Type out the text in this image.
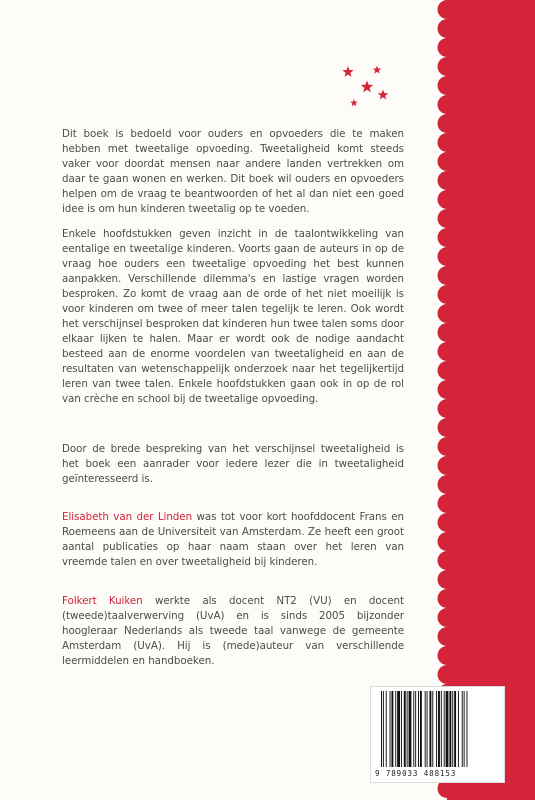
Dit boek is bedoeld voor ouders en opvoeders die te maken hebben met tweetalige opvoeding. Tweetaligheid komt steeds vaker voor doordat mensen naar andere landen vertrekken om daar te gaan wonen en werken. Dit boek wil ouders en opvoeders helpen om de vraag te beantwoorden of het al dan niet een goed idee is om hun kinderen tweetalig op te voeden.

Enkele hoofdstukken geven inzicht in de taalontwikkeling van eentalige en tweetalige kinderen. Voorts gaan de auteurs in op de vraag hoe ouders een tweetalige opvoeding het best kunnen aanpakken. Verschillende dilemma's en lastige vragen worden besproken. Zo komt de vraag aan de orde of het niet moeilijk is voor kinderen om twee of meer talen tegelijk te leren. Ook wordt het verschijnsel besproken dat kinderen hun twee talen soms door elkaar lijken te halen. Maar er wordt ook de nodige aandacht besteed aan de enorme voordelen van tweetaligheid en aan de resultaten van wetenschappelijk onderzoek naar het tegelijkertijd leren van twee talen. Enkele hoofdstukken gaan ook in op de rol van crèche en school bij de tweetalige opvoeding.

Door de brede bespreking van het verschijnsel tweetaligheid is het boek een aanrader voor iedere lezer die in tweetaligheid geïnteresseerd is.

Elisabeth van der Linden was tot voor kort hoofddocent Frans en Roemeens aan de Universiteit van Amsterdam. Ze heeft een groot aantal publicaties op haar naam staan over het leren van vreemde talen en over tweetaligheid bij kinderen.

Folkert Kuiken werkte als docent NT2 (VU) en docent (tweede)taalverwerving (UvA) en is sinds 2005 bijzonder hoogleraar Nederlands als tweede taal vanwege de gemeente Amsterdam (UvA). Hij is (mede)auteur van verschillende leermiddelen en handboeken.

9 789033 488153
